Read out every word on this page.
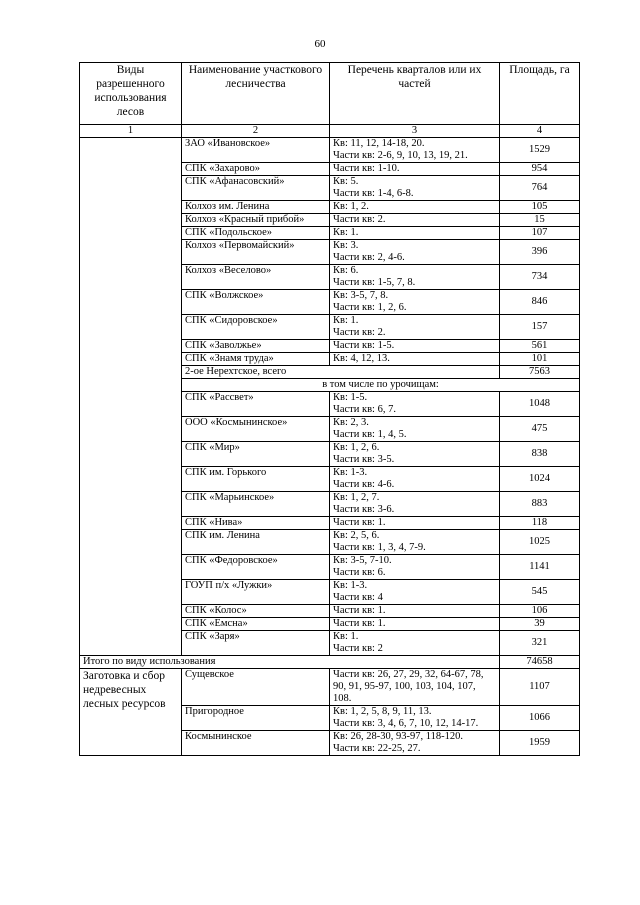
60
Виды разрешенного использования лесов	Наименование участкового лесничества	Перечень кварталов или их частей	Площадь, га
1	2	3	4
	ЗАО «Ивановское»	Кв: 11, 12, 14-18, 20.
Части кв: 2-6, 9, 10, 13, 19, 21.	1529
	СПК «Захарово»	Части кв: 1-10.	954
	СПК «Афанасовский»	Кв: 5.
Части кв: 1-4, 6-8.	764
	Колхоз им. Ленина	Кв: 1, 2.	105
	Колхоз «Красный прибой»	Части кв: 2.	15
	СПК «Подольское»	Кв: 1.	107
	Колхоз «Первомайский»	Кв: 3.
Части кв: 2, 4-6.	396
	Колхоз «Веселово»	Кв: 6.
Части кв: 1-5, 7, 8.	734
	СПК «Волжское»	Кв: 3-5, 7, 8.
Части кв: 1, 2, 6.	846
	СПК «Сидоровское»	Кв: 1.
Части кв: 2.	157
	СПК «Заволжье»	Части кв: 1-5.	561
	СПК «Знамя труда»	Кв: 4, 12, 13.	101
	2-ое Нерехтское, всего		7563
	в том числе по урочищам:		
	СПК «Рассвет»	Кв: 1-5.
Части кв: 6, 7.	1048
	ООО «Космынинское»	Кв: 2, 3.
Части кв: 1, 4, 5.	475
	СПК «Мир»	Кв: 1, 2, 6.
Части кв: 3-5.	838
	СПК им. Горького	Кв: 1-3.
Части кв: 4-6.	1024
	СПК «Марьинское»	Кв: 1, 2, 7.
Части кв: 3-6.	883
	СПК «Нива»	Части кв: 1.	118
	СПК им. Ленина	Кв: 2, 5, 6.
Части кв: 1, 3, 4, 7-9.	1025
	СПК «Федоровское»	Кв: 3-5, 7-10.
Части кв: 6.	1141
	ГОУП п/х «Лужки»	Кв: 1-3.
Части кв: 4	545
	СПК «Колос»	Части кв: 1.	106
	СПК «Емсна»	Части кв: 1.	39
	СПК «Заря»	Кв: 1.
Части кв: 2	321
Итого по виду использования			74658
Заготовка и сбор недревесных лесных ресурсов	Сущевское	Части кв: 26, 27, 29, 32, 64-67, 78, 90, 91, 95-97, 100, 103, 104, 107, 108.	1107
	Пригородное	Кв: 1, 2, 5, 8, 9, 11, 13.
Части кв: 3, 4, 6, 7, 10, 12, 14-17.	1066
	Космынинское	Кв: 26, 28-30, 93-97, 118-120.
Части кв: 22-25, 27.	1959
